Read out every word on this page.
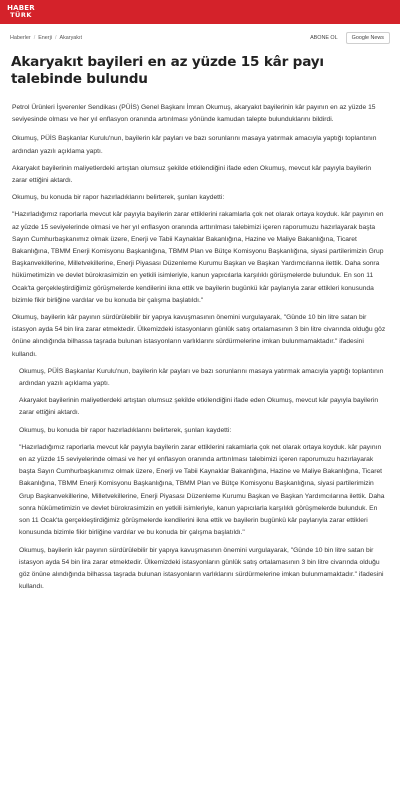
HABER
TÜRK
Haberler / Enerji / Akaryakıt	ABONE OL	Google News
Akaryakıt bayileri en az yüzde 15 kâr payı talebinde bulundu

Petrol Ürünleri İşverenler Sendikası (PÜİS) Genel Başkanı İmran Okumuş, akaryakıt bayilerinin kâr payının en az yüzde 15 seviyesinde olması ve her yıl enflasyon oranında artırılması yönünde kamudan talepte bulunduklarını bildirdi.

Okumuş, PÜİS Başkanlar Kurulu'nun, bayilerin kâr payları ve bazı sorunlarını masaya yatırmak amacıyla yaptığı toplantının ardından yazılı açıklama yaptı.

Akaryakıt bayilerinin maliyetlerdeki artıştan olumsuz şekilde etkilendiğini ifade eden Okumuş, mevcut kâr payıyla bayilerin zarar ettiğini aktardı.

Okumuş, bu konuda bir rapor hazırladıklarını belirterek, şunları kaydetti:

"Hazırladığımız raporlarla mevcut kâr payıyla bayilerin zarar ettiklerini rakamlarla çok net olarak ortaya koyduk. kâr payının en az yüzde 15 seviyelerinde olmasi ve her yıl enflasyon oranında arttırılması talebimizi içeren raporumuzu hazırlayarak başta Sayın Cumhurbaşkanımız olmak üzere, Enerji ve Tabii Kaynaklar Bakanlığına, Hazine ve Maliye Bakanlığına, Ticaret Bakanlığına, TBMM Enerji Komisyonu Başkanlığına, TBMM Plan ve Bütçe Komisyonu Başkanlığına, siyasi partilerimizin Grup Başkanvekillerine, Milletvekillerine, Enerji Piyasası Düzenleme Kurumu Başkan ve Başkan Yardımcılarına ilettik. Daha sonra hükümetimizin ve devlet bürokrasimizin en yetkili isimleriyle, kanun yapıcılarla karşılıklı görüşmelerde bulunduk. En son 11 Ocak'ta gerçekleştirdiğimiz görüşmelerde kendilerini ikna ettik ve bayilerin bugünkü kâr paylarıyla zarar ettikleri konusunda bizimle fikir birliğine vardılar ve bu konuda bir çalışma başlatıldı."

Okumuş, bayilerin kâr payının sürdürülebilir bir yapıya kavuşmasının önemini vurgulayarak, "Günde 10 bin litre satan bir istasyon ayda 54 bin lira zarar etmektedir. Ülkemizdeki istasyonların günlük satış ortalamasının 3 bin litre civarında olduğu göz önüne alındığında bilhassa taşrada bulunan istasyonların varlıklarını sürdürmelerine imkan bulunmamaktadır." ifadesini kullandı.

Okumuş, PÜİS Başkanlar Kurulu'nun, bayilerin kâr payları ve bazı sorunlarını masaya yatırmak amacıyla yaptığı toplantının ardından yazılı açıklama yaptı.

Akaryakıt bayilerinin maliyetlerdeki artıştan olumsuz şekilde etkilendiğini ifade eden Okumuş, mevcut kâr payıyla bayilerin zarar ettiğini aktardı.

Okumuş, bu konuda bir rapor hazırladıklarını belirterek, şunları kaydetti:

"Hazırladığımız raporlarla mevcut kâr payıyla bayilerin zarar ettiklerini rakamlarla çok net olarak ortaya koyduk. kâr payının en az yüzde 15 seviyelerinde olmasi ve her yıl enflasyon oranında arttırılması talebimizi içeren raporumuzu hazırlayarak başta Sayın Cumhurbaşkanımız olmak üzere, Enerji ve Tabii Kaynaklar Bakanlığına, Hazine ve Maliye Bakanlığına, Ticaret Bakanlığına, TBMM Enerji Komisyonu Başkanlığına, TBMM Plan ve Bütçe Komisyonu Başkanlığına, siyasi partilerimizin Grup Başkanvekillerine, Milletvekillerine, Enerji Piyasası Düzenleme Kurumu Başkan ve Başkan Yardımcılarına ilettik. Daha sonra hükümetimizin ve devlet bürokrasimizin en yetkili isimleriyle, kanun yapıcılarla karşılıklı görüşmelerde bulunduk. En son 11 Ocak'ta gerçekleştirdiğimiz görüşmelerde kendilerini ikna ettik ve bayilerin bugünkü kâr paylarıyla zarar ettikleri konusunda bizimle fikir birliğine vardılar ve bu konuda bir çalışma başlatıldı."

Okumuş, bayilerin kâr payının sürdürülebilir bir yapıya kavuşmasının önemini vurgulayarak, "Günde 10 bin litre satan bir istasyon ayda 54 bin lira zarar etmektedir. Ülkemizdeki istasyonların günlük satış ortalamasının 3 bin litre civarında olduğu göz önüne alındığında bilhassa taşrada bulunan istasyonların varlıklarını sürdürmelerine imkan bulunmamaktadır." ifadesini kullandı.
